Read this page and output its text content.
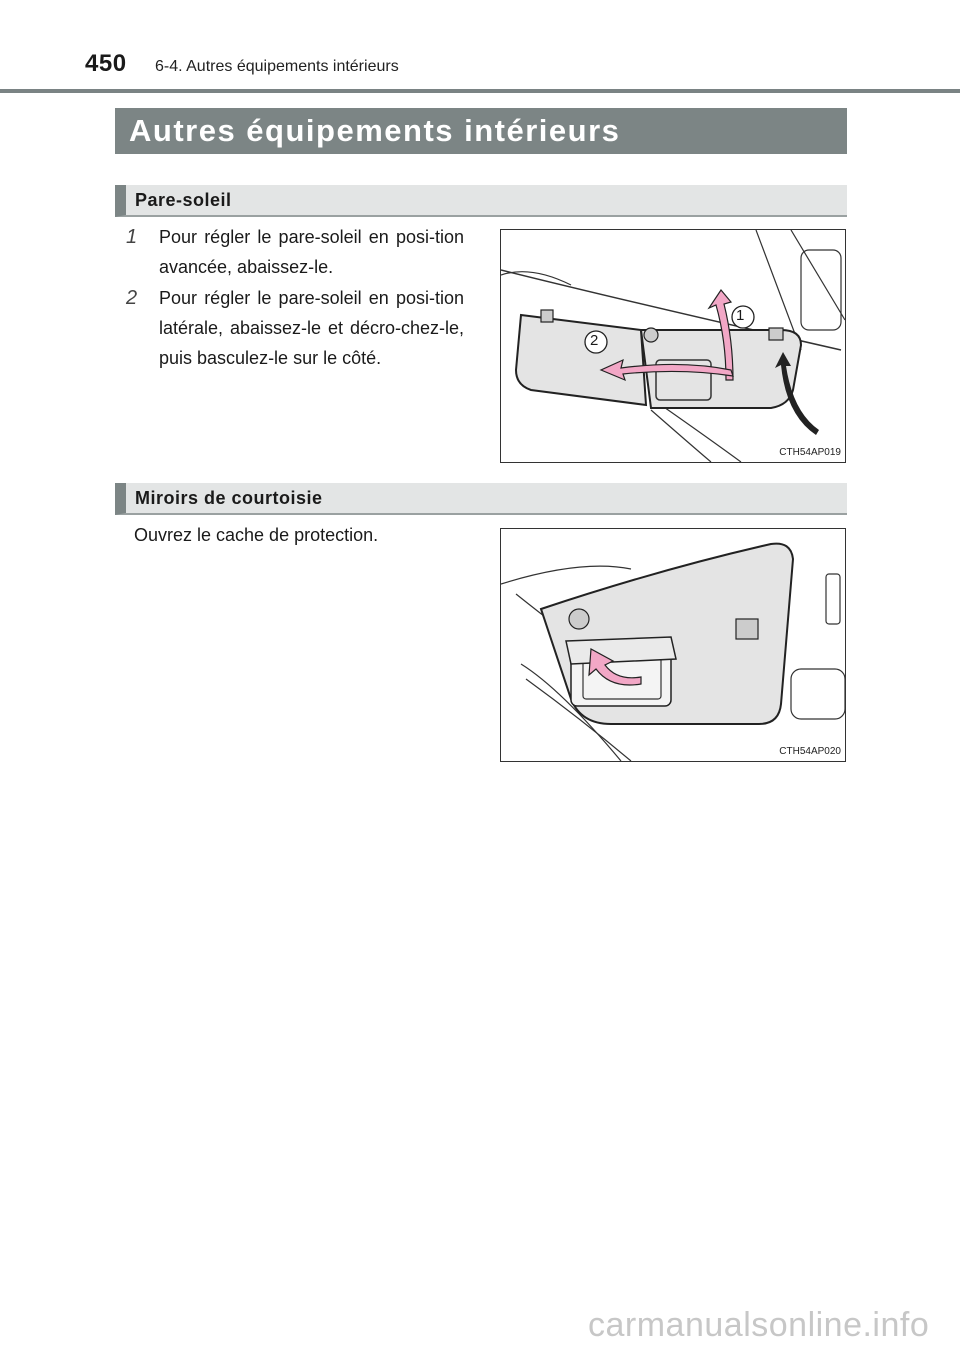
450 6-4. Autres équipements intérieurs
Autres équipements intérieurs
Pare-soleil
1	Pour régler le pare-soleil en posi-tion avancée, abaissez-le.
2	Pour régler le pare-soleil en posi-tion latérale, abaissez-le et décro-chez-le, puis basculez-le sur le côté.
1
2
CTH54AP019
Miroirs de courtoisie
Ouvrez le cache de protection.
CTH54AP020
carmanualsonline.info
